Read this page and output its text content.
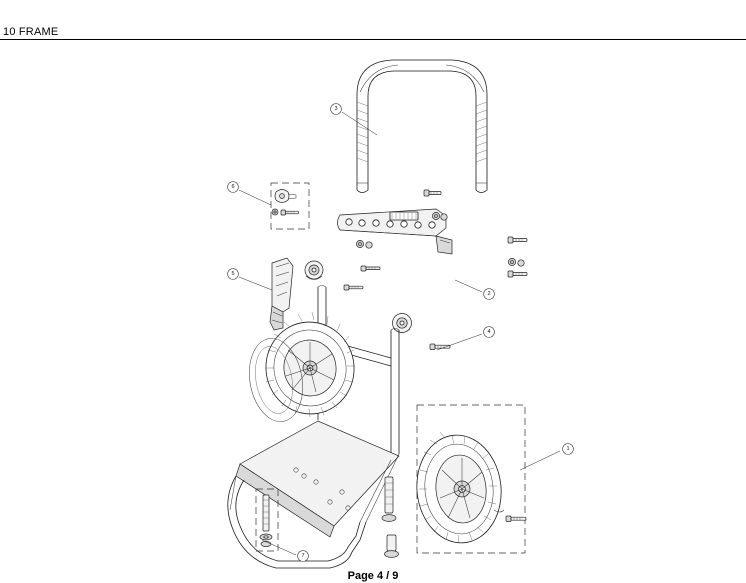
10 FRAME
1
2
3
4
5
6
7
Page 4 / 9
